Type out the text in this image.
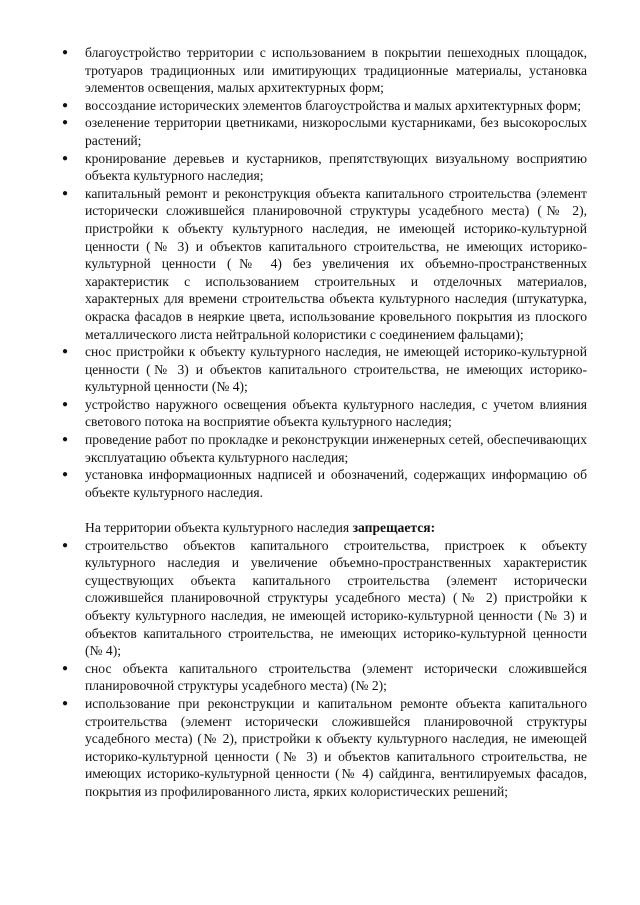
● благоустройство территории с использованием в покрытии пешеходных площадок, тротуаров традиционных или имитирующих традиционные материалы, установка элементов освещения, малых архитектурных форм;
● воссоздание исторических элементов благоустройства и малых архитектурных форм;
● озеленение территории цветниками, низкорослыми кустарниками, без высокорослых растений;
● кронирование деревьев и кустарников, препятствующих визуальному восприятию объекта культурного наследия;
● капитальный ремонт и реконструкция объекта капитального строительства (элемент исторически сложившейся планировочной структуры усадебного места) (№ 2), пристройки к объекту культурного наследия, не имеющей историко-культурной ценности (№ 3) и объектов капитального строительства, не имеющих историко-культурной ценности (№ 4) без увеличения их объемно-пространственных характеристик с использованием строительных и отделочных материалов, характерных для времени строительства объекта культурного наследия (штукатурка, окраска фасадов в неяркие цвета, использование кровельного покрытия из плоского металлического листа нейтральной колористики с соединением фальцами);
● снос пристройки к объекту культурного наследия, не имеющей историко-культурной ценности (№ 3) и объектов капитального строительства, не имеющих историко-культурной ценности (№ 4);
● устройство наружного освещения объекта культурного наследия, с учетом влияния светового потока на восприятие объекта культурного наследия;
● проведение работ по прокладке и реконструкции инженерных сетей, обеспечивающих эксплуатацию объекта культурного наследия;
● установка информационных надписей и обозначений, содержащих информацию об объекте культурного наследия.

На территории объекта культурного наследия запрещается:

● строительство объектов капитального строительства, пристроек к объекту культурного наследия и увеличение объемно-пространственных характеристик существующих объекта капитального строительства (элемент исторически сложившейся планировочной структуры усадебного места) (№ 2) пристройки к объекту культурного наследия, не имеющей историко-культурной ценности (№ 3) и объектов капитального строительства, не имеющих историко-культурной ценности (№ 4);
● снос объекта капитального строительства (элемент исторически сложившейся планировочной структуры усадебного места) (№ 2);
● использование при реконструкции и капитальном ремонте объекта капитального строительства (элемент исторически сложившейся планировочной структуры усадебного места) (№ 2), пристройки к объекту культурного наследия, не имеющей историко-культурной ценности (№ 3) и объектов капитального строительства, не имеющих историко-культурной ценности (№ 4) сайдинга, вентилируемых фасадов, покрытия из профилированного листа, ярких колористических решений;
